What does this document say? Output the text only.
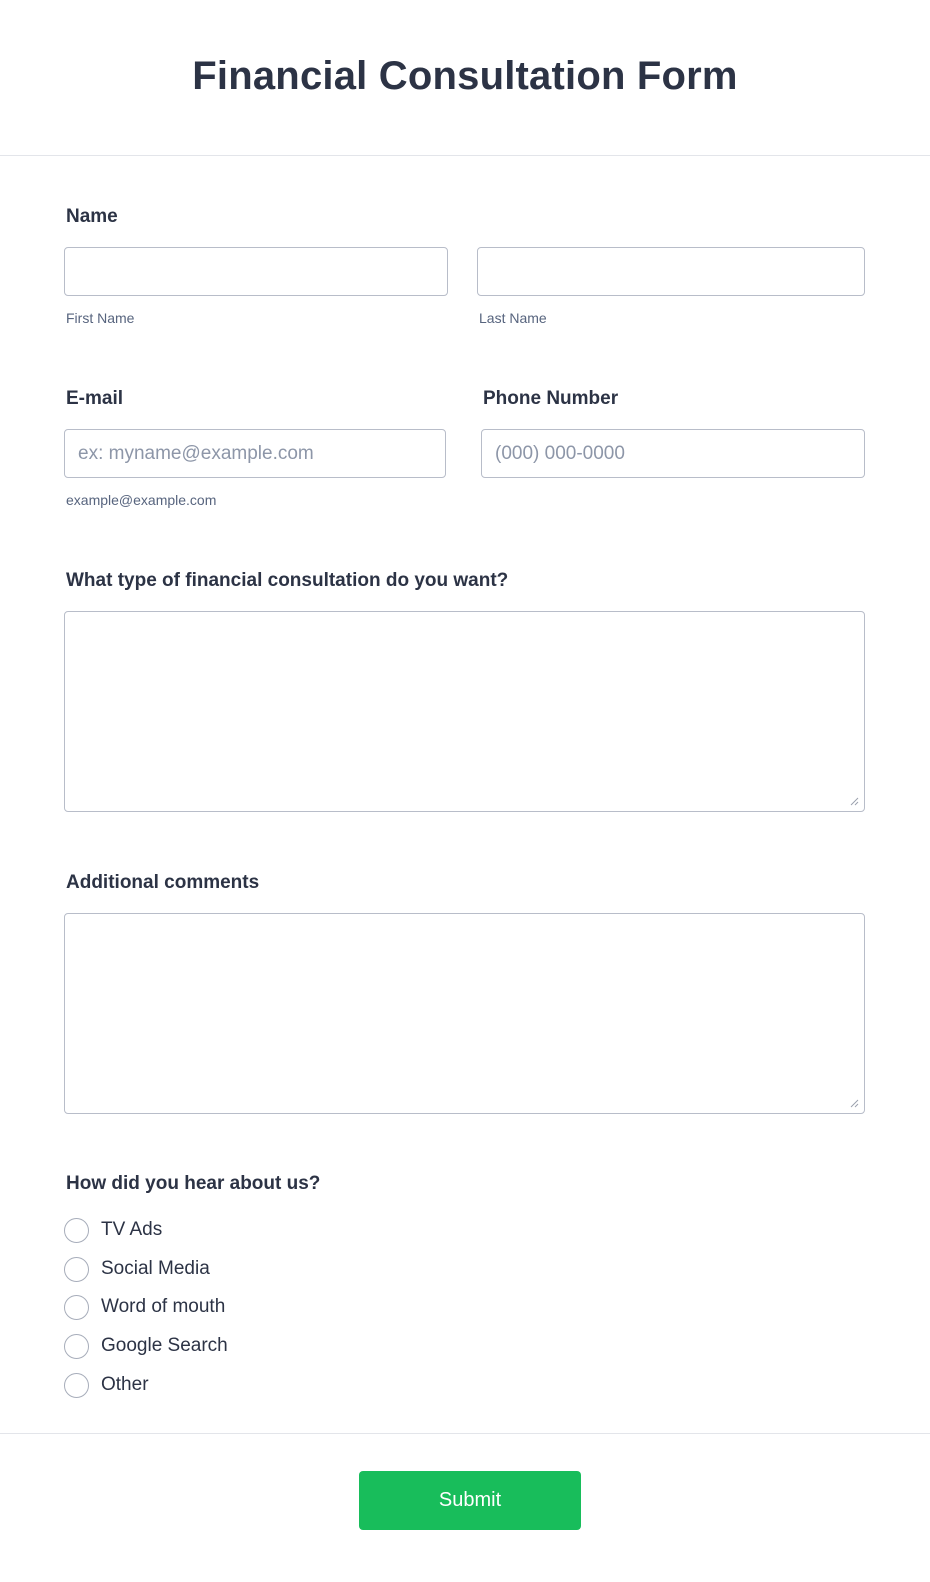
Financial Consultation Form
Name
First Name	Last Name
E-mail
ex: myname@example.com
example@example.com
Phone Number
(000) 000-0000
What type of financial consultation do you want?
Additional comments
How did you hear about us?
TV Ads
Social Media
Word of mouth
Google Search
Other
Submit
